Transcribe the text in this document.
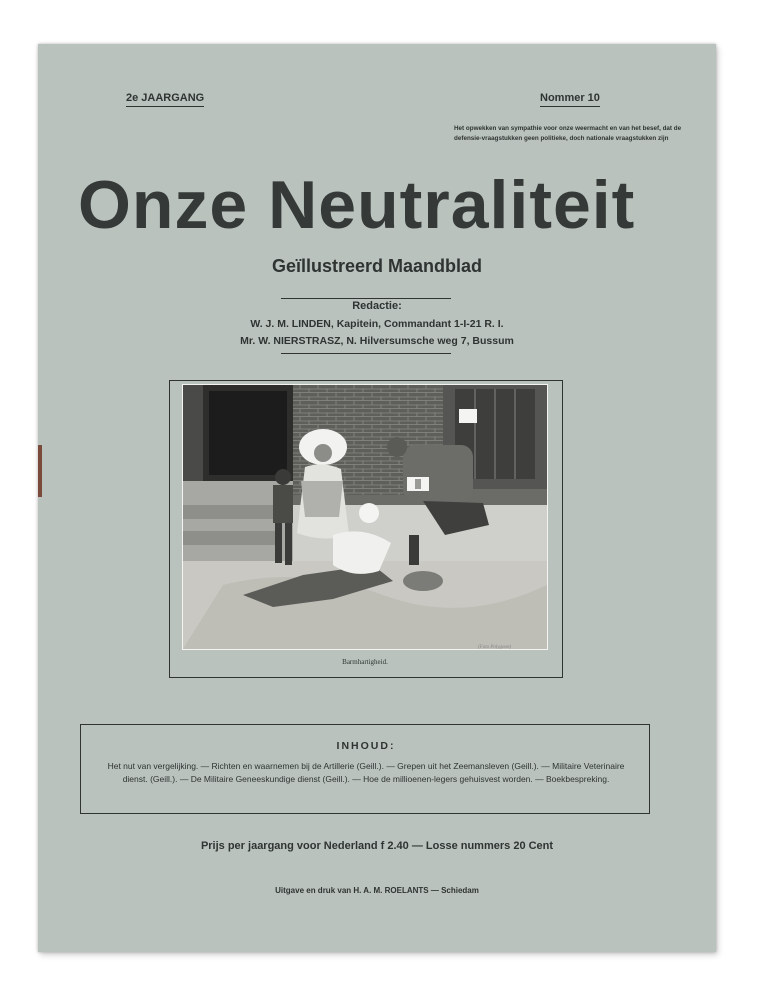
2e JAARGANG	Nommer 10
Het opwekken van sympathie voor onze weermacht en van het besef, dat de defensie-vraagstukken geen politieke, doch nationale vraagstukken zijn
Onze Neutraliteit
Geïllustreerd Maandblad
Redactie:
W. J. M. LINDEN, Kapitein, Commandant 1-I-21 R. I.
Mr. W. NIERSTRASZ, N. Hilversumsche weg 7, Bussum
(Foto Polygoon)
Barmhartigheid.
INHOUD:
Het nut van vergelijking. — Richten en waarnemen bij de Artillerie (Geill.). — Grepen uit het Zeemansleven (Geill.). — Militaire Veterinaire dienst. (Geill.). — De Militaire Geneeskundige dienst (Geill.). — Hoe de millioenen-legers gehuisvest worden. — Boekbespreking.
Prijs per jaargang voor Nederland f 2.40 — Losse nummers 20 Cent
Uitgave en druk van H. A. M. ROELANTS — Schiedam
